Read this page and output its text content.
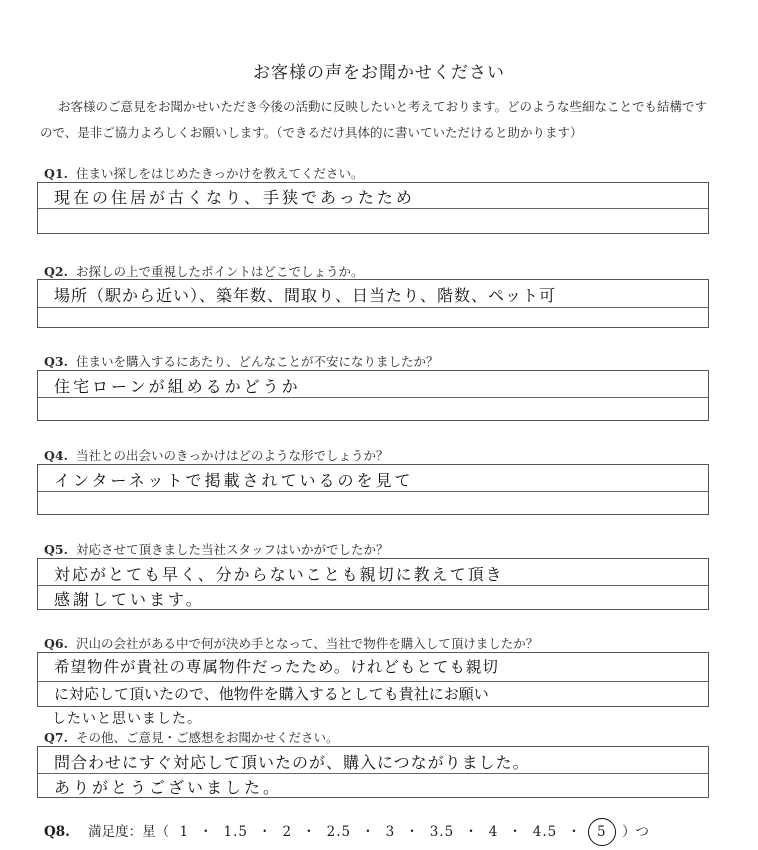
お客様の声をお聞かせください
お客様のご意見をお聞かせいただき今後の活動に反映したいと考えております。どのような些細なことでも結構ですので、是非ご協力よろしくお願いします。（できるだけ具体的に書いていただけると助かります）
Q1. 住まい探しをはじめたきっかけを教えてください。
現在の住居が古くなり、手狭であったため
Q2. お探しの上で重視したポイントはどこでしょうか。
場所（駅から近い）、築年数、間取り、日当たり、階数、ペット可
Q3. 住まいを購入するにあたり、どんなことが不安になりましたか？
住宅ローンが組めるかどうか
Q4. 当社との出会いのきっかけはどのような形でしょうか？
インターネットで掲載されているのを見て
Q5. 対応させて頂きました当社スタッフはいかがでしたか？
対応がとても早く、分からないことも親切に教えて頂き
感謝しています。
Q6. 沢山の会社がある中で何が決め手となって、当社で物件を購入して頂けましたか？
希望物件が貴社の専属物件だったため。けれどもとても親切
に対応して頂いたので、他物件を購入するとしても貴社にお願い
したいと思いました。
Q7. その他、ご意見・ご感想をお聞かせください。
問合わせにすぐ対応して頂いたのが、購入につながりました。
ありがとうございました。
Q8. 満足度：星（ 1 ・ 1.5 ・ 2 ・ 2.5 ・ 3 ・ 3.5 ・ 4 ・ 4.5 ・ 5 ）つ
